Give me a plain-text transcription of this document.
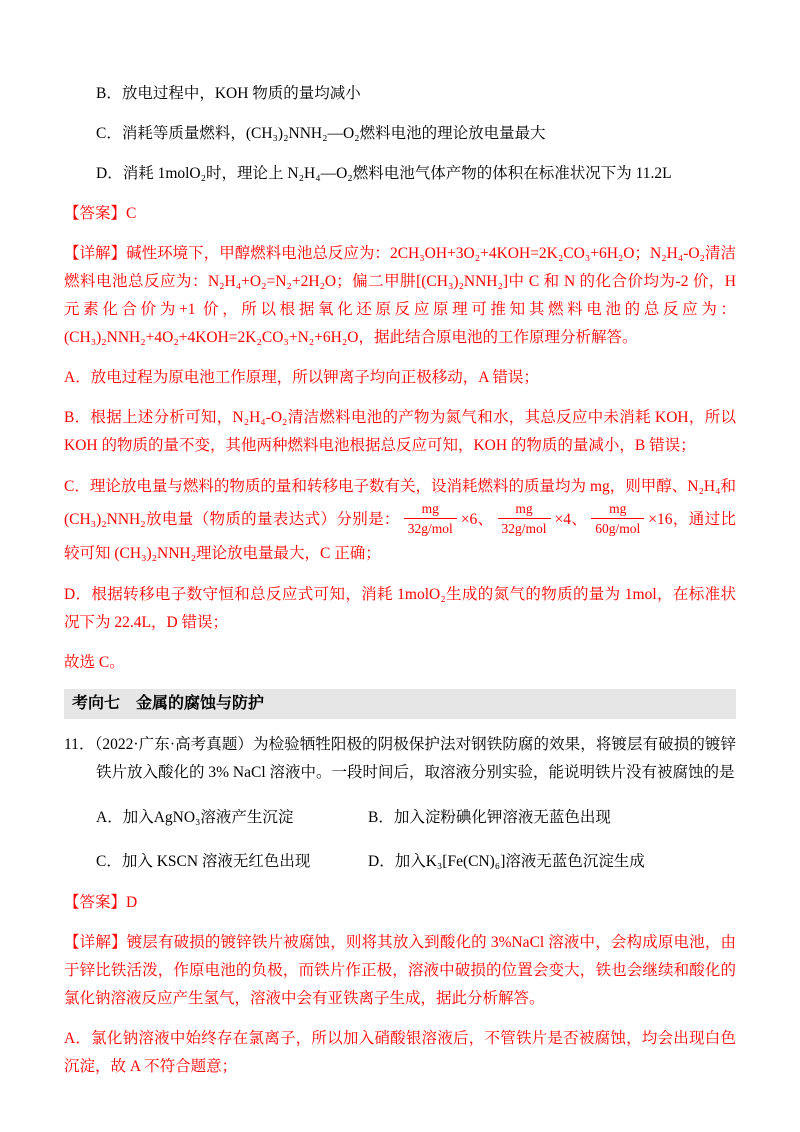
B．放电过程中，KOH 物质的量均减小

C．消耗等质量燃料，(CH₃)₂NNH₂—O₂燃料电池的理论放电量最大

D．消耗 1molO₂时，理论上 N₂H₄—O₂燃料电池气体产物的体积在标准状况下为 11.2L

【答案】C

【详解】碱性环境下，甲醇燃料电池总反应为：2CH₃OH+3O₂+4KOH=2K₂CO₃+6H₂O；N₂H₄-O₂清洁燃料电池总反应为：N₂H₄+O₂=N₂+2H₂O；偏二甲肼[(CH₃)₂NNH₂]中 C 和 N 的化合价均为-2 价，H 元素化合价为+1 价，所以根据氧化还原反应原理可推知其燃料电池的总反应为：(CH₃)₂NNH₂+4O₂+4KOH=2K₂CO₃+N₂+6H₂O，据此结合原电池的工作原理分析解答。

A．放电过程为原电池工作原理，所以钾离子均向正极移动，A 错误；

B．根据上述分析可知，N₂H₄-O₂清洁燃料电池的产物为氮气和水，其总反应中未消耗 KOH，所以 KOH 的物质的量不变，其他两种燃料电池根据总反应可知，KOH 的物质的量减小，B 错误；

C．理论放电量与燃料的物质的量和转移电子数有关，设消耗燃料的质量均为 mg，则甲醇、N₂H₄和 (CH₃)₂NNH₂放电量（物质的量表达式）分别是： $\frac{mg}{\text{32g/mol}} \times 6$、 $\frac{mg}{\text{32g/mol}} \times 4$、 $\frac{mg}{\text{60g/mol}} \times 16$，通过比较可知 (CH₃)₂NNH₂理论放电量最大，C 正确；

D．根据转移电子数守恒和总反应式可知，消耗 1molO₂生成的氮气的物质的量为 1mol，在标准状况下为 22.4L，D 错误；

故选 C。

考向七　金属的腐蚀与防护

11．（2022·广东·高考真题）为检验牺牲阳极的阴极保护法对钢铁防腐的效果，将镀层有破损的镀锌铁片放入酸化的 3% NaCl 溶液中。一段时间后，取溶液分别实验，能说明铁片没有被腐蚀的是

A．加入AgNO₃溶液产生沉淀	B．加入淀粉碘化钾溶液无蓝色出现

C．加入 KSCN 溶液无红色出现	D．加入K₃[Fe(CN)₆]溶液无蓝色沉淀生成

【答案】D

【详解】镀层有破损的镀锌铁片被腐蚀，则将其放入到酸化的 3%NaCl 溶液中，会构成原电池，由于锌比铁活泼，作原电池的负极，而铁片作正极，溶液中破损的位置会变大，铁也会继续和酸化的氯化钠溶液反应产生氢气，溶液中会有亚铁离子生成，据此分析解答。

A．氯化钠溶液中始终存在氯离子，所以加入硝酸银溶液后，不管铁片是否被腐蚀，均会出现白色沉淀，故 A 不符合题意；
